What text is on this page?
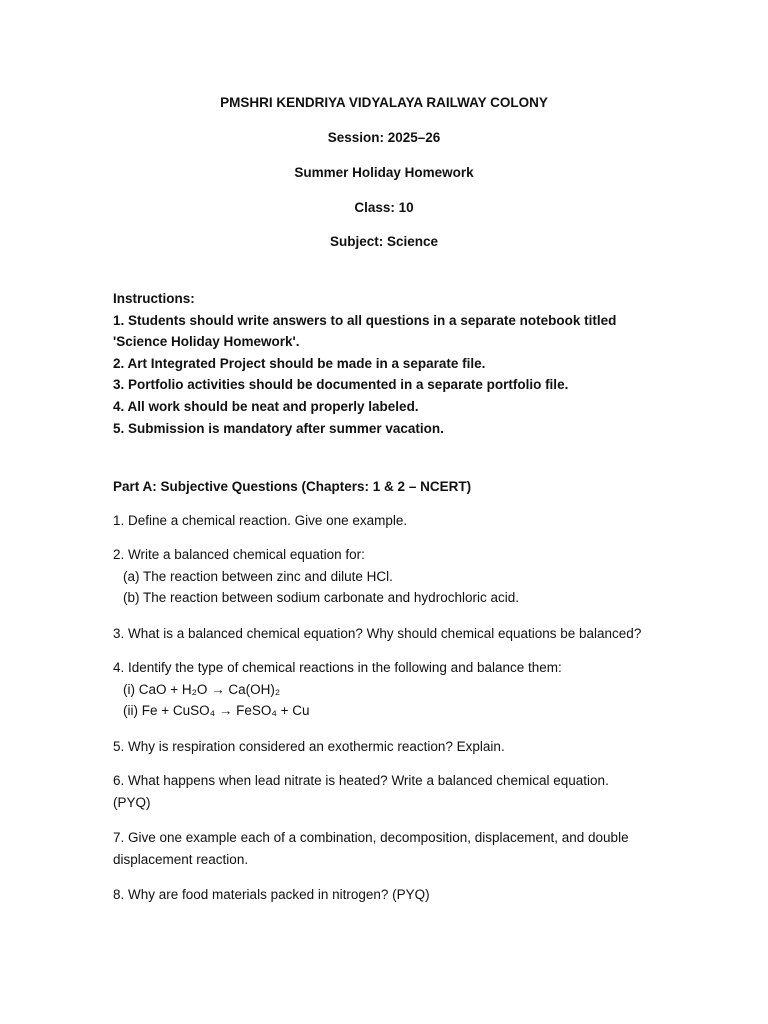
PMSHRI KENDRIYA VIDYALAYA RAILWAY COLONY
Session: 2025–26
Summer Holiday Homework
Class: 10
Subject: Science
Instructions:
1. Students should write answers to all questions in a separate notebook titled
'Science Holiday Homework'.
2. Art Integrated Project should be made in a separate file.
3. Portfolio activities should be documented in a separate portfolio file.
4. All work should be neat and properly labeled.
5. Submission is mandatory after summer vacation.
Part A: Subjective Questions (Chapters: 1 & 2 – NCERT)
1. Define a chemical reaction. Give one example.
2. Write a balanced chemical equation for:
(a) The reaction between zinc and dilute HCl.
(b) The reaction between sodium carbonate and hydrochloric acid.
3. What is a balanced chemical equation? Why should chemical equations be balanced?
4. Identify the type of chemical reactions in the following and balance them:
(i) CaO + H₂O → Ca(OH)₂
(ii) Fe + CuSO₄ → FeSO₄ + Cu
5. Why is respiration considered an exothermic reaction? Explain.
6. What happens when lead nitrate is heated? Write a balanced chemical equation.
(PYQ)
7. Give one example each of a combination, decomposition, displacement, and double
displacement reaction.
8. Why are food materials packed in nitrogen? (PYQ)
